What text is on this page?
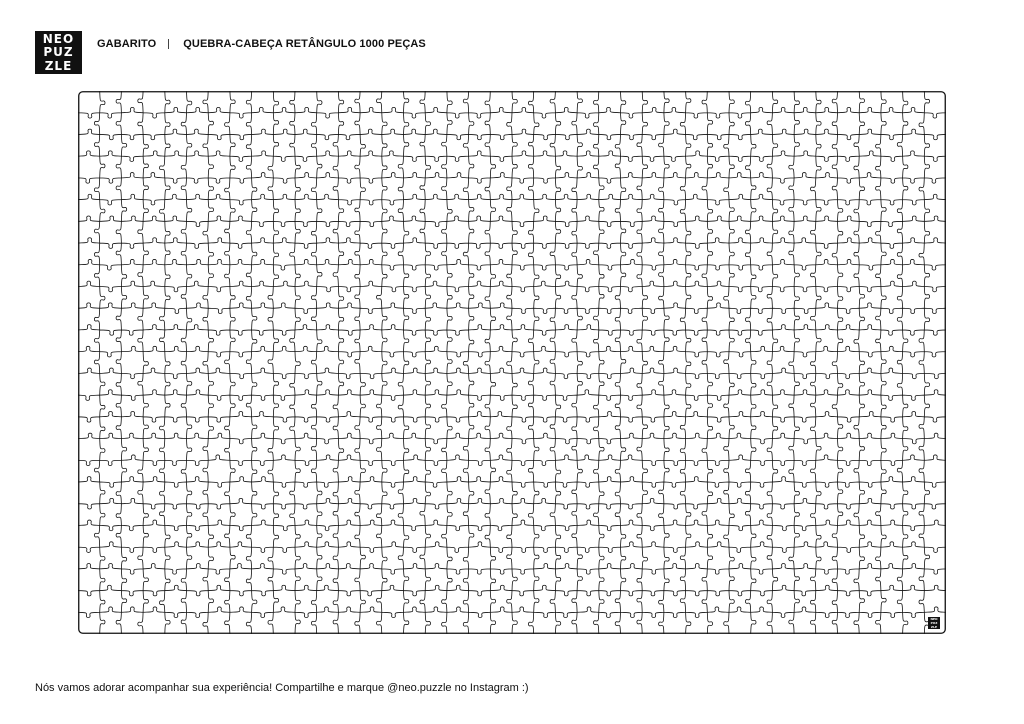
NEO
PUZ
ZLE
GABARITO QUEBRA-CABEÇA RETÂNGULO 1000 PEÇAS
NEO
PUZ
ZLE
Nós vamos adorar acompanhar sua experiência! Compartilhe e marque @neo.puzzle no Instagram :)
